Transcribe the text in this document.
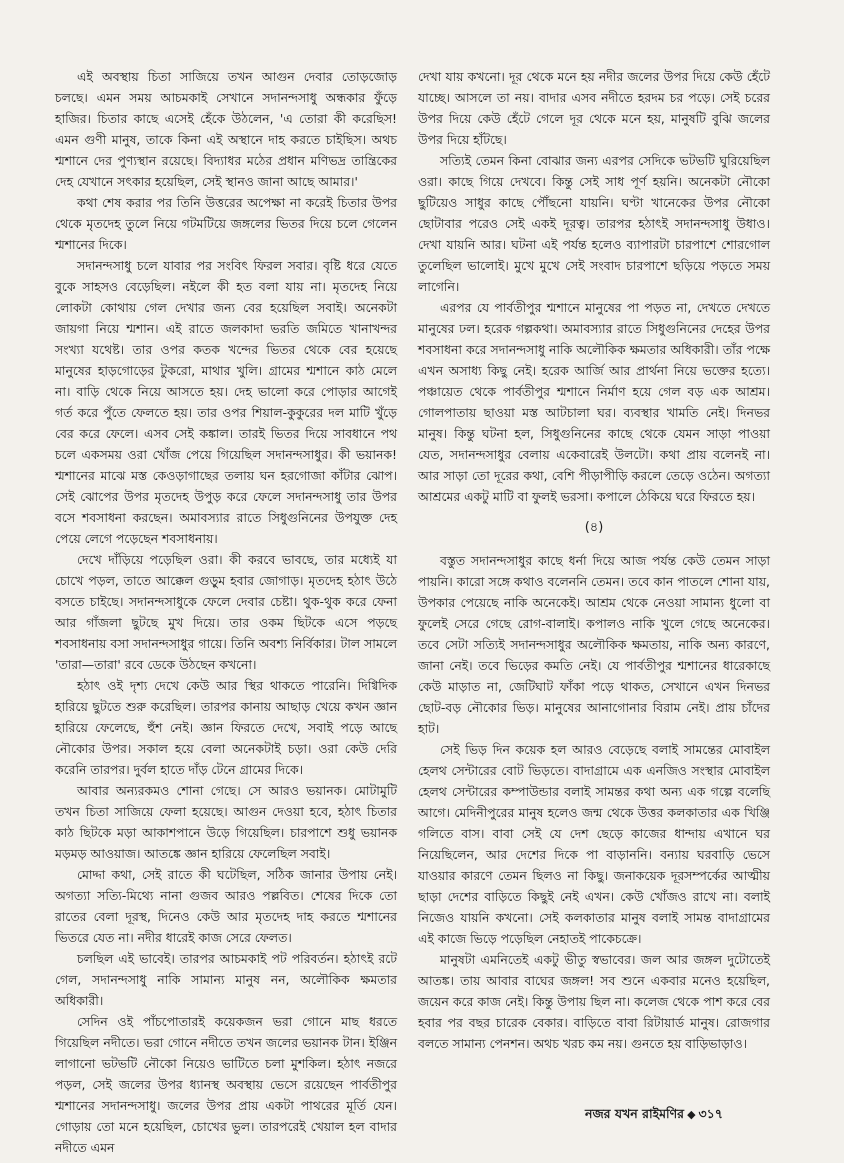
এই অবস্থায় চিতা সাজিয়ে তখন আগুন দেবার তোড়জোড় চলছে। এমন সময় আচমকাই সেখানে সদানন্দসাধু অন্ধকার ফুঁড়ে হাজির। চিতার কাছে এসেই হেঁকে উঠলেন, 'এ তোরা কী করেছিস! এমন গুণী মানুষ, তাকে কিনা এই অস্থানে দাহ করতে চাইছিস। অথচ শ্মশানে দের পুণ্যস্থান রয়েছে। বিদ্যাধর মঠের প্রধান মণিভদ্র তান্ত্রিকের দেহ যেখানে সৎকার হয়েছিল, সেই স্থানও জানা আছে আমার।'

কথা শেষ করার পর তিনি উত্তরের অপেক্ষা না করেই চিতার উপর থেকে মৃতদেহ তুলে নিয়ে গটমটিয়ে জঙ্গলের ভিতর দিয়ে চলে গেলেন শ্মশানের দিকে।

সদানন্দসাধু চলে যাবার পর সংবিৎ ফিরল সবার। বৃষ্টি ধরে যেতে বুকে সাহসও বেড়েছিল। নইলে কী হত বলা যায় না। মৃতদেহ নিয়ে লোকটা কোথায় গেল দেখার জন্য বের হয়েছিল সবাই। অনেকটা জায়গা নিয়ে শ্মশান। এই রাতে জলকাদা ভরতি জমিতে খানাখন্দর সংখ্যা যথেষ্ট। তার ওপর কতক খন্দের ভিতর থেকে বের হয়েছে মানুষের হাড়গোড়ের টুকরো, মাথার খুলি। গ্রামের শ্মশানে কাঠ মেলে না। বাড়ি থেকে নিয়ে আসতে হয়। দেহ ভালো করে পোড়ার আগেই গর্ত করে পুঁতে ফেলতে হয়। তার ওপর শিয়াল-কুকুরের দল মাটি খুঁড়ে বের করে ফেলে। এসব সেই কঙ্কাল। তারই ভিতর দিয়ে সাবধানে পথ চলে একসময় ওরা খোঁজ পেয়ে গিয়েছিল সদানন্দসাধুর। কী ভয়ানক! শ্মশানের মাঝে মস্ত কেওড়াগাছের তলায় ঘন হরগোজা কাঁটার ঝোপ। সেই ঝোপের উপর মৃতদেহ উপুড় করে ফেলে সদানন্দসাধু তার উপর বসে শবসাধনা করছেন। অমাবস্যার রাতে সিধুগুনিনের উপযুক্ত দেহ পেয়ে লেগে পড়েছেন শবসাধনায়।

দেখে দাঁড়িয়ে পড়েছিল ওরা। কী করবে ভাবছে, তার মধ্যেই যা চোখে পড়ল, তাতে আক্কেল গুড়ুম হবার জোগাড়। মৃতদেহ হঠাৎ উঠে বসতে চাইছে। সদানন্দসাধুকে ফেলে দেবার চেষ্টা। থুক-থুক করে ফেনা আর গাঁজলা ছুটছে মুখ দিয়ে। তার ওকম ছিটকে এসে পড়ছে শবসাধনায় বসা সদানন্দসাধুর গায়ে। তিনি অবশ্য নির্বিকার। টাল সামলে 'তারা—তারা' রবে ডেকে উঠছেন কখনো।

হঠাৎ ওই দৃশ্য দেখে কেউ আর স্থির থাকতে পারেনি। দিগ্বিদিক হারিয়ে ছুটতে শুরু করেছিল। তারপর কানায় আছাড় খেয়ে কখন জ্ঞান হারিয়ে ফেলেছে, হুঁশ নেই। জ্ঞান ফিরতে দেখে, সবাই পড়ে আছে নৌকোর উপর। সকাল হয়ে বেলা অনেকটাই চড়া। ওরা কেউ দেরি করেনি তারপর। দুর্বল হাতে দাঁড় টেনে গ্রামের দিকে।

আবার অন্যরকমও শোনা গেছে। সে আরও ভয়ানক। মোটামুটি তখন চিতা সাজিয়ে ফেলা হয়েছে। আগুন দেওয়া হবে, হঠাৎ চিতার কাঠ ছিটকে মড়া আকাশপানে উড়ে গিয়েছিল। চারপাশে শুধু ভয়ানক মড়মড় আওয়াজ। আতঙ্কে জ্ঞান হারিয়ে ফেলেছিল সবাই।

মোদ্দা কথা, সেই রাতে কী ঘটেছিল, সঠিক জানার উপায় নেই। অগত্যা সত্যি-মিথ্যে নানা গুজব আরও পল্লবিত। শেষের দিকে তো রাতের বেলা দূরস্থ, দিনেও কেউ আর মৃতদেহ দাহ করতে শ্মশানের ভিতরে যেত না। নদীর ধারেই কাজ সেরে ফেলত।

চলছিল এই ভাবেই। তারপর আচমকাই পট পরিবর্তন। হঠাৎই রটে গেল, সদানন্দসাধু নাকি সামান্য মানুষ নন, অলৌকিক ক্ষমতার অধিকারী।

সেদিন ওই পাঁচপোতারই কয়েকজন ভরা গোনে মাছ ধরতে গিয়েছিল নদীতে। ভরা গোনে নদীতে তখন জলের ভয়ানক টান। ইঞ্জিন লাগানো ভটভটি নৌকো নিয়েও ভাটিতে চলা মুশকিল। হঠাৎ নজরে পড়ল, সেই জলের উপর ধ্যানস্থ অবস্থায় ভেসে রয়েছেন পার্বতীপুর শ্মশানের সদানন্দসাধু। জলের উপর প্রায় একটা পাথরের মূর্তি যেন। গোড়ায় তো মনে হয়েছিল, চোখের ভুল। তারপরেই খেয়াল হল বাদার নদীতে এমন

দেখা যায় কখনো। দূর থেকে মনে হয় নদীর জলের উপর দিয়ে কেউ হেঁটে যাচ্ছে। আসলে তা নয়। বাদার এসব নদীতে হরদম চর পড়ে। সেই চরের উপর দিয়ে কেউ হেঁটে গেলে দূর থেকে মনে হয়, মানুষটি বুঝি জলের উপর দিয়ে হাঁটছে।

সত্যিই তেমন কিনা বোঝার জন্য এরপর সেদিকে ভটভটি ঘুরিয়েছিল ওরা। কাছে গিয়ে দেখবে। কিন্তু সেই সাধ পূর্ণ হয়নি। অনেকটা নৌকো ছুটিয়েও সাধুর কাছে পৌঁছনো যায়নি। ঘণ্টা খানেকের উপর নৌকো ছোটাবার পরেও সেই একই দূরত্ব। তারপর হঠাৎই সদানন্দসাধু উধাও। দেখা যায়নি আর। ঘটনা এই পর্যন্ত হলেও ব্যাপারটা চারপাশে শোরগোল তুলেছিল ভালোই। মুখে মুখে সেই সংবাদ চারপাশে ছড়িয়ে পড়তে সময় লাগেনি।

এরপর যে পার্বতীপুর শ্মশানে মানুষের পা পড়ত না, দেখতে দেখতে মানুষের ঢল। হরেক গল্পকথা। অমাবস্যার রাতে সিধুগুনিনের দেহের উপর শবসাধনা করে সদানন্দসাধু নাকি অলৌকিক ক্ষমতার অধিকারী। তাঁর পক্ষে এখন অসাধ্য কিছু নেই। হরেক আর্জি আর প্রার্থনা নিয়ে ভক্তের হত্যে। পঞ্চায়েত থেকে পার্বতীপুর শ্মশানে নির্মাণ হয়ে গেল বড় এক আশ্রম। গোলপাতায় ছাওয়া মস্ত আটচালা ঘর। ব্যবস্থার খামতি নেই। দিনভর মানুষ। কিন্তু ঘটনা হল, সিধুগুনিনের কাছে থেকে যেমন সাড়া পাওয়া যেত, সদানন্দসাধুর বেলায় একেবারেই উলটো। কথা প্রায় বলেনই না। আর সাড়া তো দূরের কথা, বেশি পীড়াপীড়ি করলে তেড়ে ওঠেন। অগত্যা আশ্রমের একটু মাটি বা ফুলই ভরসা। কপালে ঠেকিয়ে ঘরে ফিরতে হয়।

(৪)

বস্তুত সদানন্দসাধুর কাছে ধর্না দিয়ে আজ পর্যন্ত কেউ তেমন সাড়া পায়নি। কারো সঙ্গে কথাও বলেননি তেমন। তবে কান পাতলে শোনা যায়, উপকার পেয়েছে নাকি অনেকেই। আশ্রম থেকে নেওয়া সামান্য ধুলো বা ফুলেই সেরে গেছে রোগ-বালাই। কপালও নাকি খুলে গেছে অনেকের। তবে সেটা সত্যিই সদানন্দসাধুর অলৌকিক ক্ষমতায়, নাকি অন্য কারণে, জানা নেই। তবে ভিড়ের কমতি নেই। যে পার্বতীপুর শ্মশানের ধারেকাছে কেউ মাড়াত না, জেটিঘাট ফাঁকা পড়ে থাকত, সেখানে এখন দিনভর ছোট-বড় নৌকোর ভিড়। মানুষের আনাগোনার বিরাম নেই। প্রায় চাঁদের হাট।

সেই ভিড় দিন কয়েক হল আরও বেড়েছে বলাই সামন্তের মোবাইল হেলথ সেন্টারের বোট ভিড়তে। বাদাগ্রামে এক এনজিও সংস্থার মোবাইল হেলথ সেন্টারের কম্পাউন্ডার বলাই সামন্তর কথা অন্য এক গল্পে বলেছি আগে। মেদিনীপুরের মানুষ হলেও জন্ম থেকে উত্তর কলকাতার এক খিঞ্জি গলিতে বাস। বাবা সেই যে দেশ ছেড়ে কাজের ধান্দায় এখানে ঘর নিয়েছিলেন, আর দেশের দিকে পা বাড়াননি। বন্যায় ঘরবাড়ি ভেসে যাওয়ার কারণে তেমন ছিলও না কিছু। জনাকয়েক দূরসম্পর্কের আত্মীয় ছাড়া দেশের বাড়িতে কিছুই নেই এখন। কেউ খোঁজও রাখে না। বলাই নিজেও যায়নি কখনো। সেই কলকাতার মানুষ বলাই সামন্ত বাদাগ্রামের এই কাজে ভিড়ে পড়েছিল নেহাতই পাকেচক্রে।

মানুষটা এমনিতেই একটু ভীতু স্বভাবের। জল আর জঙ্গল দুটোতেই আতঙ্ক। তায় আবার বাঘের জঙ্গল! সব শুনে একবার মনেও হয়েছিল, জয়েন করে কাজ নেই। কিন্তু উপায় ছিল না। কলেজ থেকে পাশ করে বের হবার পর বছর চারেক বেকার। বাড়িতে বাবা রিটায়ার্ড মানুষ। রোজগার বলতে সামান্য পেনশন। অথচ খরচ কম নয়। গুনতে হয় বাড়িভাড়াও।

নজর যখন রাইমণির ◆ ৩১৭
